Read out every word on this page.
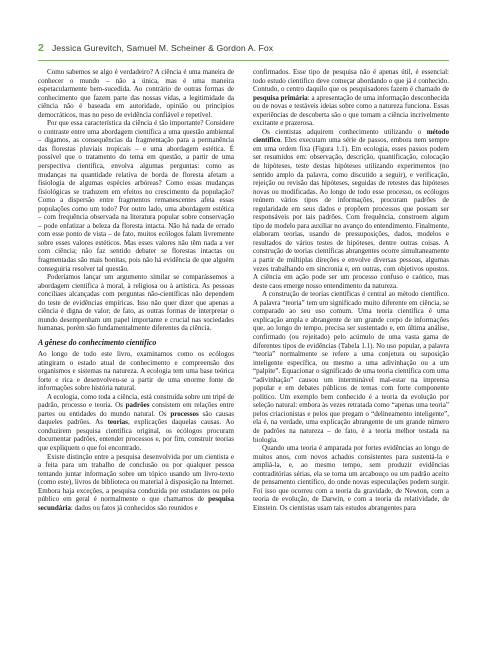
2 Jessica Gurevitch, Samuel M. Scheiner & Gordon A. Fox

Como sabemos se algo é verdadeiro? A ciência é uma maneira de conhecer o mundo – não a única, mas é uma maneira espetacularmente bem-sucedida. Ao contrário de outras formas de conhecimento que fazem parte das nossas vidas, a legitimidade da ciência não é baseada em autoridade, opinião ou princípios democráticos, mas no peso de evidência confiável e repetível.

Por que essa característica da ciência é tão importante? Considere o contraste entre uma abordagem científica a uma questão ambiental – digamos, as consequências da fragmentação para a permanência das florestas pluviais tropicais – e uma abordagem estética. É possível que o tratamento do tema em questão, a partir de uma perspectiva científica, envolva algumas perguntas: como as mudanças na quantidade relativa de borda de floresta afetam a fisiologia de algumas espécies arbóreas? Como essas mudanças fisiológicas se traduzem em efeitos no crescimento da população? Como a dispersão entre fragmentos remanescentes afeta essas populações como um todo? Por outro lado, uma abordagem estética – com frequência observada na literatura popular sobre conservação – pode enfatizar a beleza da floresta intacta. Não há nada de errado com esse ponto de vista – de fato, muitos ecólogos falam livremente sobre esses valores estéticos. Mas esses valores não têm nada a ver com ciência; não faz sentido debater se florestas intactas ou fragmentadas são mais bonitas, pois não há evidência de que alguém conseguiria resolver tal questão.

Poderíamos lançar um argumento similar se comparássemos a abordagem científica à moral, à religiosa ou à artística. As pessoas conciliaes alcançadas com perguntas não-científicas não dependem do teste de evidências empíricas. Isso não quer dizer que apenas a ciência é digna de valor; de fato, as outras formas de interpretar o mundo desempenham um papel importante e crucial nas sociedades humanas, porém são fundamentalmente diferentes da ciência.

A gênese do conhecimento científico

Ao longo de todo este livro, examinamos como os ecólogos atingiram o estado atual de conhecimento e compreensão dos organismos e sistemas na natureza. A ecologia tem uma base teórica forte e rica e desenvolveu-se a partir de uma enorme fonte de informações sobre história natural.

A ecologia, como toda a ciência, está construída sobre um tripé de padrão, processo e teoria. Os padrões consistem em relações entre partes ou entidades do mundo natural. Os processos são causas daqueles padrões. As teorias, explicações daquelas causas. Ao conduzirem pesquisa científica original, os ecólogos procuram documentar padrões, entender processos e, por fim, construir teorias que expliquem o que foi encontrado.

Existe distinção entre a pesquisa desenvolvida por um cientista e a feita para um trabalho de conclusão ou por qualquer pessoa tentando juntar informação sobre um tópico usando um livro-texto (como este), livros de biblioteca ou material à disposição na Internet. Embora haja exceções, a pesquisa conduzida por estudantes ou pelo público em geral é normalmente o que chamamos de pesquisa secundária: dados ou fatos já conhecidos são reunidos e

confirmados. Esse tipo de pesquisa não é apenas útil, é essencial: todo estudo científico deve começar abordando o que já é conhecido. Contudo, o centro daquilo que os pesquisadores fazem é chamado de pesquisa primária: a apresentação de uma informação desconhecida ou de novas e testáveis ideias sobre como a natureza funciona. Essas experiências de descoberta são o que tornam a ciência incrivelmente excitante e prazerosa.

Os cientistas adquirem conhecimento utilizando o método científico. Eles executam uma série de passos, embora nem sempre em uma ordem fixa (Figura 1.1). Em ecologia, esses passos podem ser resumidos em: observação, descrição, quantificação, colocação de hipóteses, teste destas hipóteses utilizando experimentos (no sentido amplo da palavra, como discutido a seguir), e verificação, rejeição ou revisão das hipóteses, seguidas de retestes das hipóteses novas ou modificadas. Ao longo de todo esse processo, os ecólogos reúnem vários tipos de informações, procuram padrões de regularidade em seus dados e propõem processos que possam ser responsáveis por tais padrões. Com frequência, constroem algum tipo de modelo para auxiliar no avanço do entendimento. Finalmente, elaboram teorias, usando de pressuposições, dados, modelos e resultados de vários testes de hipóteses, dentre outras coisas. A construção de teorias científicas abrangentes ocorre simultaneamente a partir de múltiplas direções e envolve diversas pessoas, algumas vezes trabalhando em sincronia e, em outras, com objetivos opostos. A ciência em ação pode ser um processo confuso e caótico, mas deste caos emerge nosso entendimento da natureza.

A construção de teorias científicas é central ao método científico. A palavra “teoria” tem um significado muito diferente em ciência, se comparado ao seu uso comum. Uma teoria científica é uma explicação ampla e abrangente de um grande corpo de informações que, ao longo do tempo, precisa ser sustentado e, em última análise, confirmado (ou rejeitado) pelo acúmulo de uma vasta gama de diferentes tipos de evidências (Tabela 1.1). No uso popular, a palavra “teoria” normalmente se refere a uma conjetura ou suposição inteligente específica, ou mesmo a uma adivinhação ou a um “palpite”. Equacionar o significado de uma teoria científica com uma “adivinhação” causou um interminável mal-estar na imprensa popular e em debates públicos de temas com forte componente político. Um exemplo bem conhecido é a teoria da evolução por seleção natural: embora às vezes retratada como “apenas uma teoria” pelos criacionistas e pelos que pregam o “delineamento inteligente”, ela é, na verdade, uma explicação abrangente de um grande número de padrões na natureza – de fato, é a teoria melhor testada na biologia.

Quando uma teoria é amparada por fortes evidências ao longo de muitos anos, com novos achados consistentes para sustentá-la e ampliá-la, e, ao mesmo tempo, sem produzir evidências contraditórias sérias, ela se torna um arcabouço ou um padrão aceito de pensamento científico, do onde novas especulações podem surgir. Foi isso que ocorreu com a teoria da gravidade, de Newton, com a teoria de evolução, de Darwin, e com a teoria da relatividade, de Einstein. Os cientistas usam tais estudos abrangentes para
